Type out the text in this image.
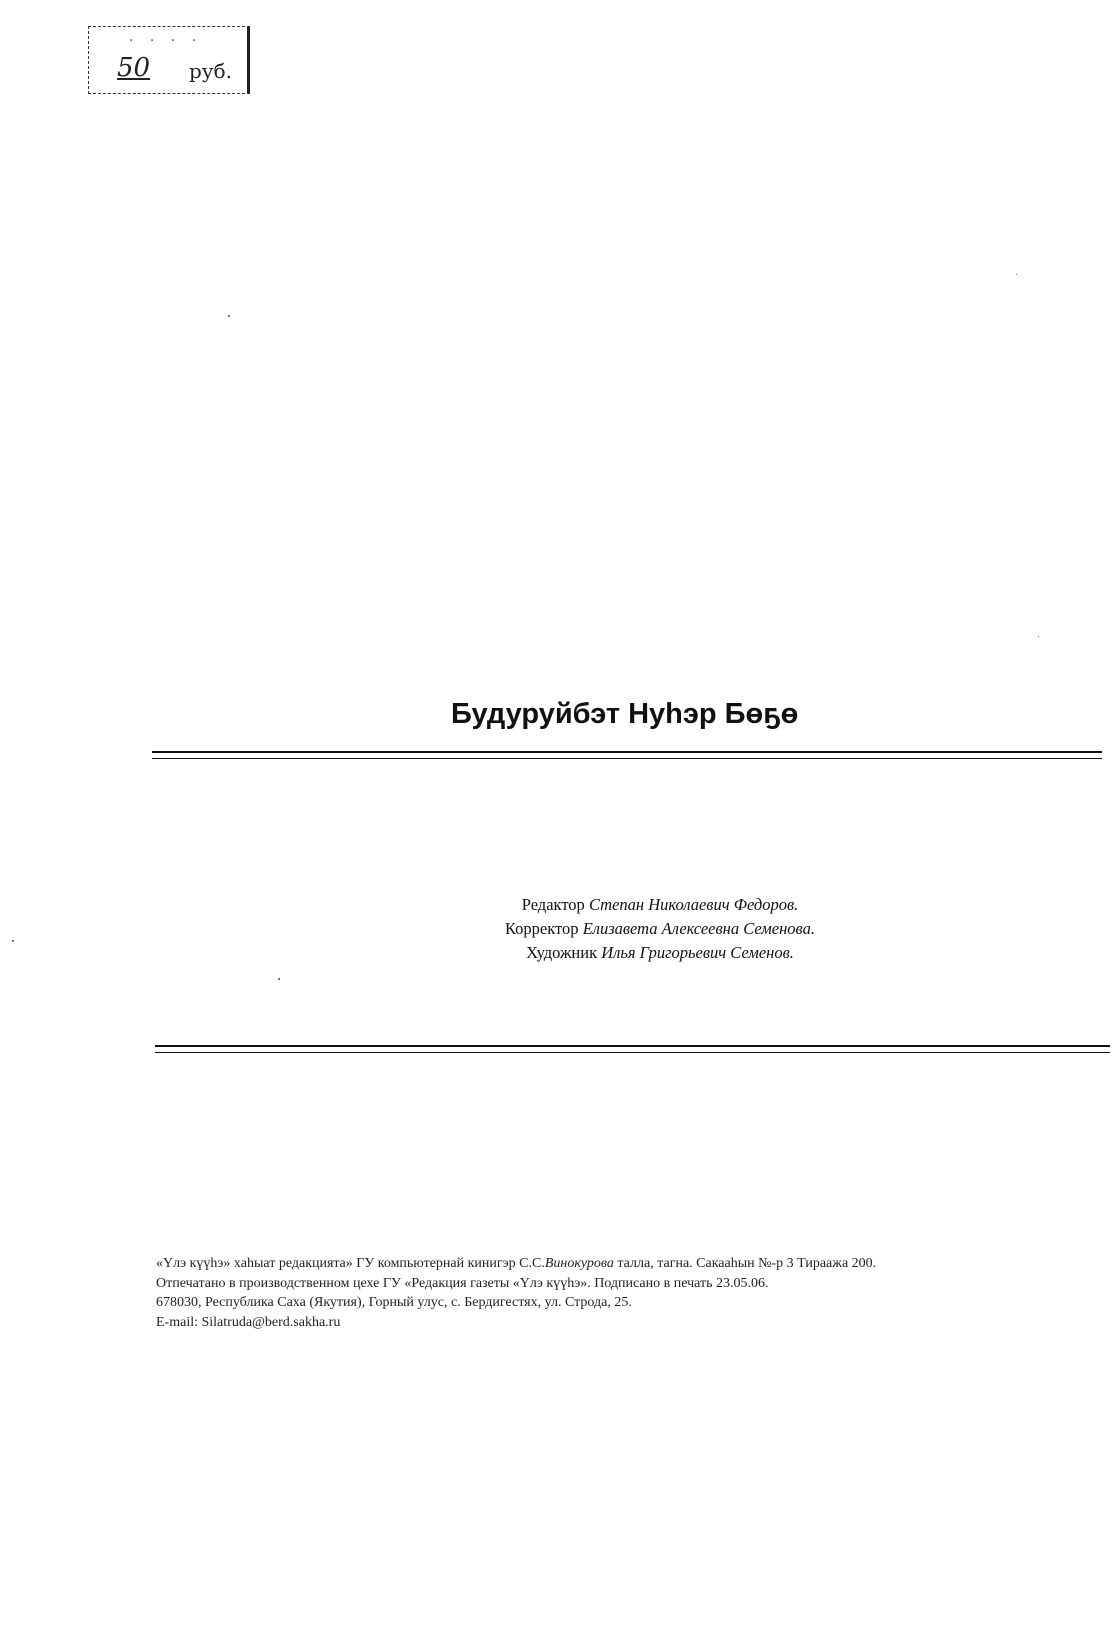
· · · ·
50 руб.
Будуруйбэт Нуһэр Бөҕө
Редактор Степан Николаевич Федоров.
Корректор Елизавета Алексеевна Семенова.
Художник Илья Григорьевич Семенов.
«Үлэ күүһэ» хаһыат редакциятa» ГУ компьютернай кинигэр С.С.Винокурова талла, тагна. Сакааһын №-р 3 Тираажа 200.
Отпечатано в производственном цехе ГУ «Редакция газеты «Үлэ күүһэ». Подписано в печать 23.05.06.
678030, Республика Саха (Якутия), Горный улус, с. Бердигестях, ул. Строда, 25.
E-mail: Silatruda@berd.sakha.ru
